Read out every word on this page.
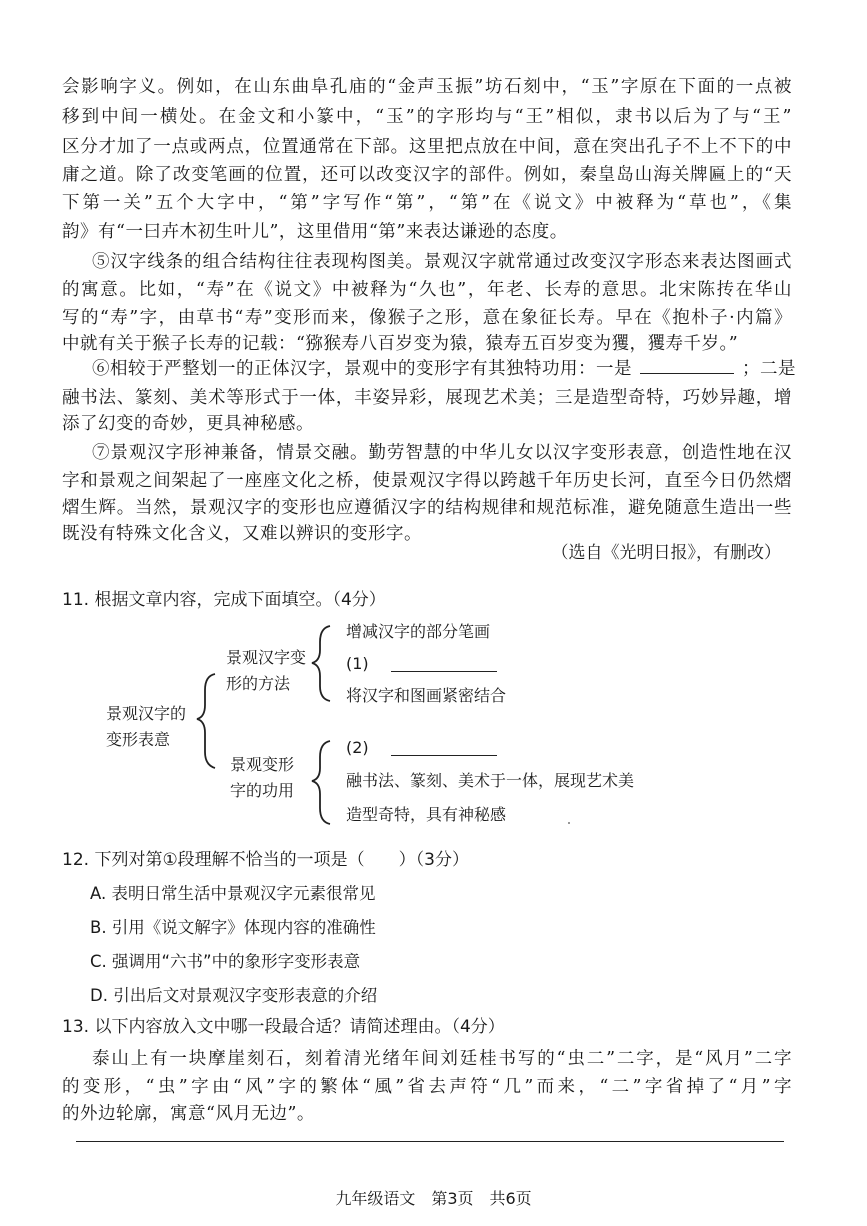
会影响字义。例如，在山东曲阜孔庙的“金声玉振”坊石刻中，“玉”字原在下面的一点被
移到中间一横处。在金文和小篆中，“玉”的字形均与“王”相似，隶书以后为了与“王”
区分才加了一点或两点，位置通常在下部。这里把点放在中间，意在突出孔子不上不下的中
庸之道。除了改变笔画的位置，还可以改变汉字的部件。例如，秦皇岛山海关牌匾上的“天
下第一关”五个大字中，“第”字写作“第”，“第”在《说文》中被释为“草也”，《集
韵》有“一曰卉木初生叶儿”，这里借用“第”来表达谦逊的态度。
⑤汉字线条的组合结构往往表现构图美。景观汉字就常通过改变汉字形态来表达图画式
的寓意。比如，“寿”在《说文》中被释为“久也”，年老、长寿的意思。北宋陈抟在华山
写的“寿”字，由草书“寿”变形而来，像猴子之形，意在象征长寿。早在《抱朴子·内篇》
中就有关于猴子长寿的记载：“猕猴寿八百岁变为猿，猿寿五百岁变为玃，玃寿千岁。”
⑥相较于严整划一的正体汉字，景观中的变形字有其独特功用：一是	；二是
融书法、篆刻、美术等形式于一体，丰姿异彩，展现艺术美；三是造型奇特，巧妙异趣，增
添了幻变的奇妙，更具神秘感。
⑦景观汉字形神兼备，情景交融。勤劳智慧的中华儿女以汉字变形表意，创造性地在汉
字和景观之间架起了一座座文化之桥，使景观汉字得以跨越千年历史长河，直至今日仍然熠
熠生辉。当然，景观汉字的变形也应遵循汉字的结构规律和规范标准，避免随意生造出一些
既没有特殊文化含义，又难以辨识的变形字。
（选自《光明日报》，有删改）
11. 根据文章内容，完成下面填空。（4分）
景观汉字的
变形表意
景观汉字变
形的方法
景观变形
字的功用
增减汉字的部分笔画
(1)
将汉字和图画紧密结合
(2)
融书法、篆刻、美术于一体，展现艺术美
造型奇特，具有神秘感
12. 下列对第①段理解不恰当的一项是（　　）（3分）
A. 表明日常生活中景观汉字元素很常见
B. 引用《说文解字》体现内容的准确性
C. 强调用“六书”中的象形字变形表意
D. 引出后文对景观汉字变形表意的介绍
13. 以下内容放入文中哪一段最合适？请简述理由。（4分）
泰山上有一块摩崖刻石，刻着清光绪年间刘廷桂书写的“虫二”二字，是“风月”二字
的变形，“虫”字由“风”字的繁体“風”省去声符“几”而来，“二”字省掉了“月”字
的外边轮廓，寓意“风月无边”。
九年级语文　第3页　共6页
